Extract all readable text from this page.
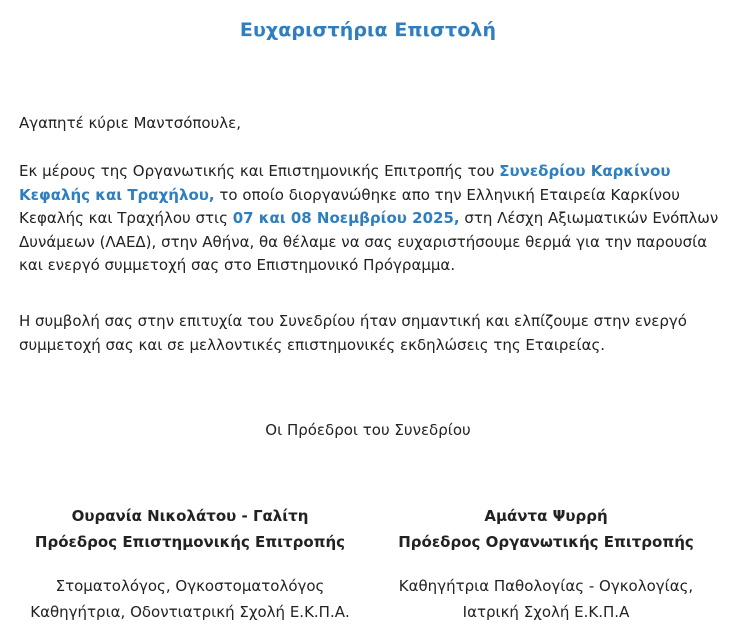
Ευχαριστήρια Επιστολή
Αγαπητέ κύριε Μαντσόπουλε,
Εκ μέρους της Οργανωτικής και Επιστημονικής Επιτροπής του Συνεδρίου Καρκίνου Κεφαλής και Τραχήλου, το οποίο διοργανώθηκε απο την Ελληνική Εταιρεία Καρκίνου Κεφαλής και Τραχήλου στις 07 και 08 Νοεμβρίου 2025, στη Λέσχη Αξιωματικών Ενόπλων Δυνάμεων (ΛΑΕΔ), στην Αθήνα, θα θέλαμε να σας ευχαριστήσουμε θερμά για την παρουσία και ενεργό συμμετοχή σας στο Επιστημονικό Πρόγραμμα.
Η συμβολή σας στην επιτυχία του Συνεδρίου ήταν σημαντική και ελπίζουμε στην ενεργό συμμετοχή σας και σε μελλοντικές επιστημονικές εκδηλώσεις της Εταιρείας.
Οι Πρόεδροι του Συνεδρίου
Ουρανία Νικολάτου - Γαλίτη
Πρόεδρος Επιστημονικής Επιτροπής
Στοματολόγος, Ογκοστοματολόγος
Καθηγήτρια, Οδοντιατρική Σχολή Ε.Κ.Π.Α.
Αμάντα Ψυρρή
Πρόεδρος Οργανωτικής Επιτροπής
Καθηγήτρια Παθολογίας - Ογκολογίας,
Ιατρική Σχολή Ε.Κ.Π.Α
